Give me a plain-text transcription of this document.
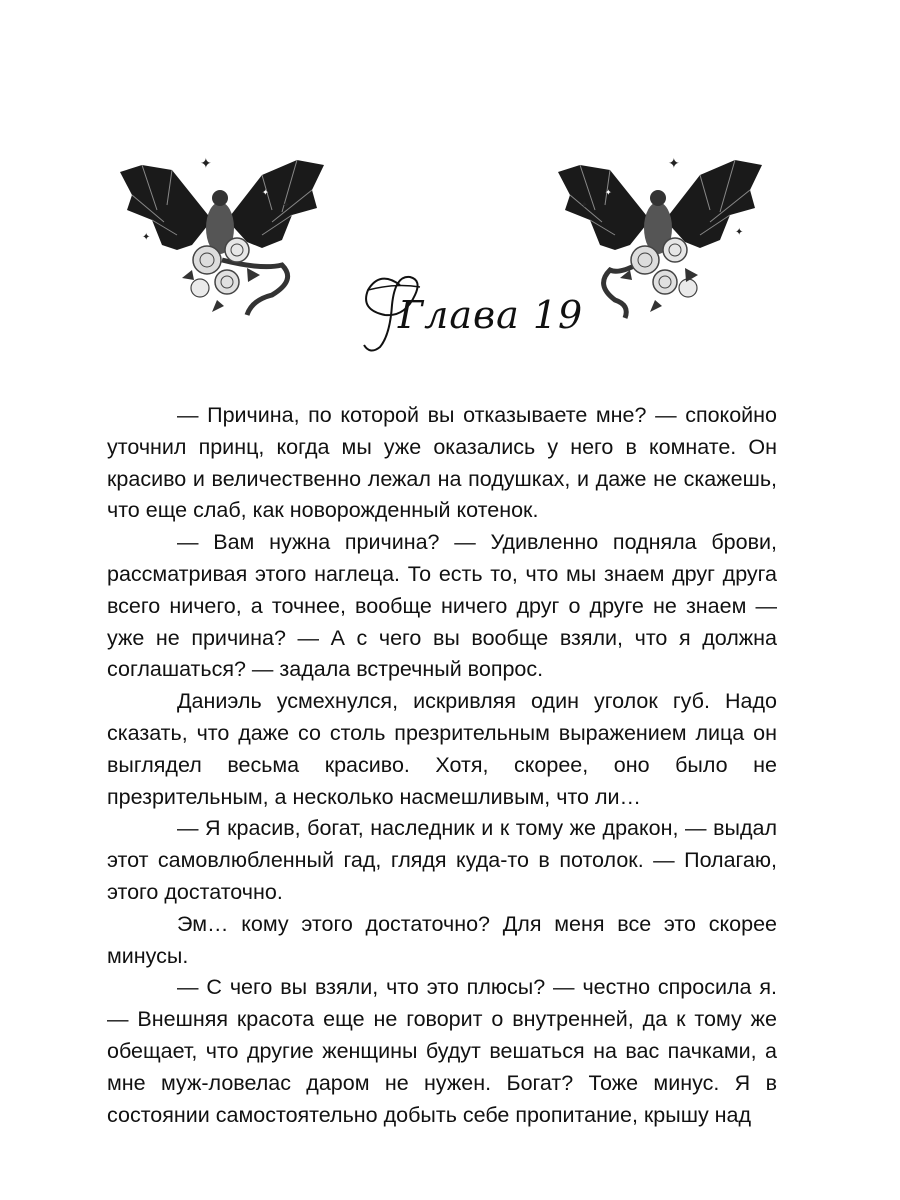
✦
✦
✦
✦
✦
✦
✦
✦
Глава 19

— Причина, по которой вы отказываете мне? — спокойно уточнил принц, когда мы уже оказались у него в комнате. Он красиво и величественно лежал на подушках, и даже не скажешь, что еще слаб, как новорожденный котенок.

— Вам нужна причина? — Удивленно подняла брови, рассматривая этого наглеца. То есть то, что мы знаем друг друга всего ничего, а точнее, вообще ничего друг о друге не знаем — уже не причина? — А с чего вы вообще взяли, что я должна соглашаться? — задала встречный вопрос.

Даниэль усмехнулся, искривляя один уголок губ. Надо сказать, что даже со столь презрительным выражением лица он выглядел весьма красиво. Хотя, скорее, оно было не презрительным, а несколько насмешливым, что ли…

— Я красив, богат, наследник и к тому же дракон, — выдал этот самовлюбленный гад, глядя куда-то в потолок. — Полагаю, этого достаточно.

Эм… кому этого достаточно? Для меня все это скорее минусы.

— С чего вы взяли, что это плюсы? — честно спросила я. — Внешняя красота еще не говорит о внутренней, да к тому же обещает, что другие женщины будут вешаться на вас пачками, а мне муж-ловелас даром не нужен. Богат? Тоже минус. Я в состоянии самостоятельно добыть себе пропитание, крышу над
